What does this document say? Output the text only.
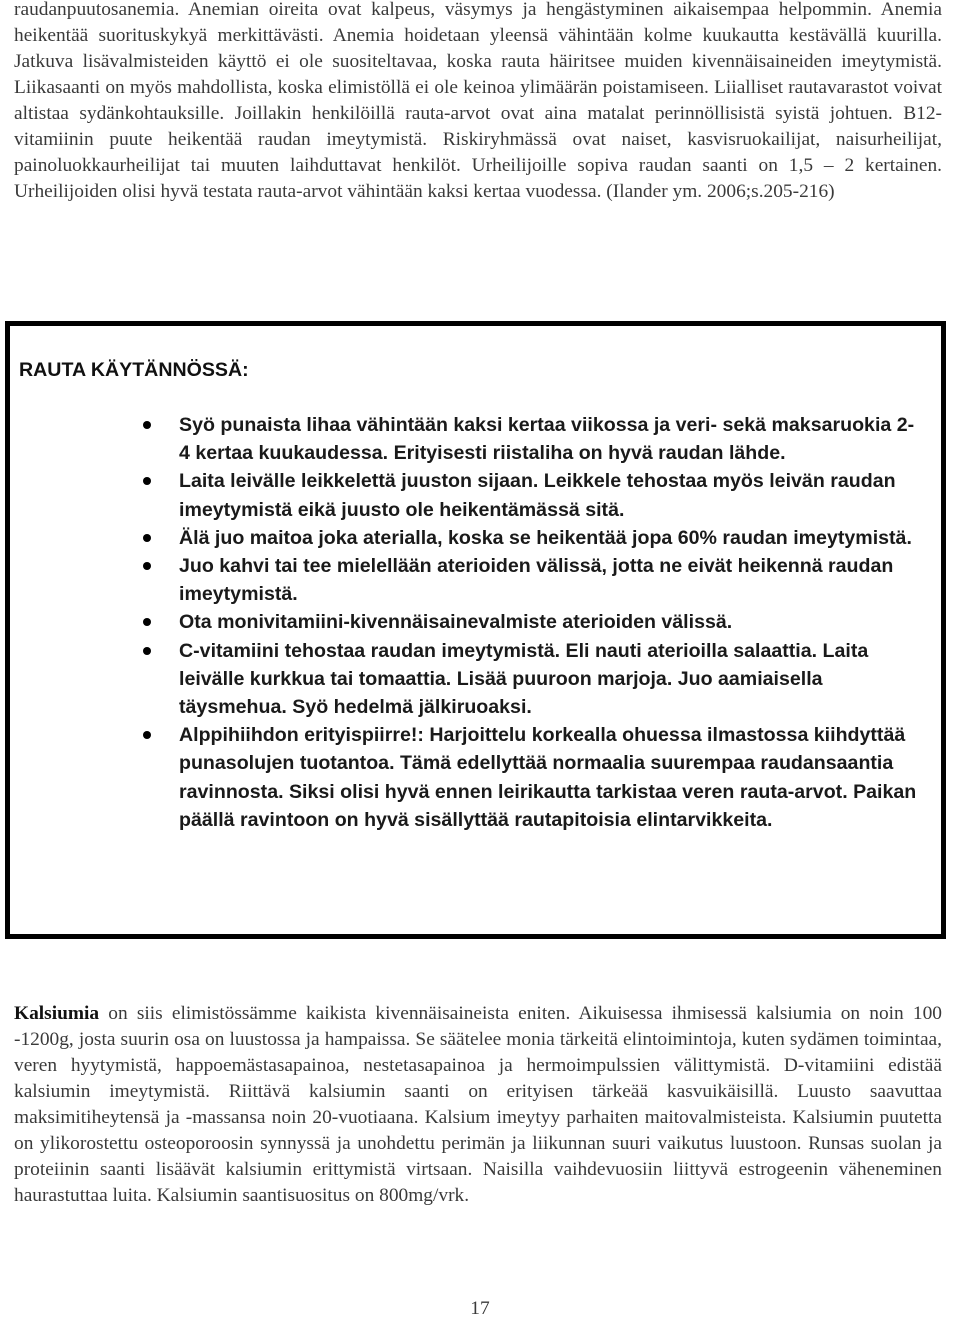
raudanpuutosanemia. Anemian oireita ovat kalpeus, väsymys ja hengästyminen aikaisempaa helpommin. Anemia heikentää suorituskykyä merkittävästi. Anemia hoidetaan yleensä vähintään kolme kuukautta kestävällä kuurilla. Jatkuva lisävalmisteiden käyttö ei ole suositeltavaa, koska rauta häiritsee muiden kivennäisaineiden imeytymistä. Liikasaanti on myös mahdollista, koska elimistöllä ei ole keinoa ylimäärän poistamiseen. Liialliset rautavarastot voivat altistaa sydänkohtauksille. Joillakin henkilöillä rauta-arvot ovat aina matalat perinnöllisistä syistä johtuen. B12-vitamiinin puute heikentää raudan imeytymistä. Riskiryhmässä ovat naiset, kasvisruokailijat, naisurheilijat, painoluokkaurheilijat tai muuten laihduttavat henkilöt. Urheilijoille sopiva raudan saanti on 1,5 – 2 kertainen. Urheilijoiden olisi hyvä testata rauta-arvot vähintään kaksi kertaa vuodessa. (Ilander ym. 2006;s.205-216)

RAUTA KÄYTÄNNÖSSÄ:
Syö punaista lihaa vähintään kaksi kertaa viikossa ja veri- sekä maksaruokia 2-4 kertaa kuukaudessa. Erityisesti riistaliha on hyvä raudan lähde.
Laita leivälle leikkelettä juuston sijaan. Leikkele tehostaa myös leivän raudan imeytymistä eikä juusto ole heikentämässä sitä.
Älä juo maitoa joka aterialla, koska se heikentää jopa 60% raudan imeytymistä.
Juo kahvi tai tee mielellään aterioiden välissä, jotta ne eivät heikennä raudan imeytymistä.
Ota monivitamiini-kivennäisainevalmiste aterioiden välissä.
C-vitamiini tehostaa raudan imeytymistä. Eli nauti aterioilla salaattia. Laita leivälle kurkkua tai tomaattia. Lisää puuroon marjoja. Juo aamiaisella täysmehua. Syö hedelmä jälkiruoaksi.
Alppihiihdon erityispiirre!: Harjoittelu korkealla ohuessa ilmastossa kiihdyttää punasolujen tuotantoa. Tämä edellyttää normaalia suurempaa raudansaantia ravinnosta. Siksi olisi hyvä ennen leirikautta tarkistaa veren rauta-arvot. Paikan päällä ravintoon on hyvä sisällyttää rautapitoisia elintarvikkeita.

Kalsiumia on siis elimistössämme kaikista kivennäisaineista eniten. Aikuisessa ihmisessä kalsiumia on noin 100 -1200g, josta suurin osa on luustossa ja hampaissa. Se säätelee monia tärkeitä elintoimintoja, kuten sydämen toimintaa, veren hyytymistä, happoemästasapainoa, nestetasapainoa ja hermoimpulssien välittymistä. D-vitamiini edistää kalsiumin imeytymistä. Riittävä kalsiumin saanti on erityisen tärkeää kasvuikäisillä. Luusto saavuttaa maksimitiheytensä ja -massansa noin 20-vuotiaana. Kalsium imeytyy parhaiten maitovalmisteista. Kalsiumin puutetta on ylikorostettu osteoporoosin synnyssä ja unohdettu perimän ja liikunnan suuri vaikutus luustoon. Runsas suolan ja proteiinin saanti lisäävät kalsiumin erittymistä virtsaan. Naisilla vaihdevuosiin liittyvä estrogeenin väheneminen haurastuttaa luita. Kalsiumin saantisuositus on 800mg/vrk.

17
